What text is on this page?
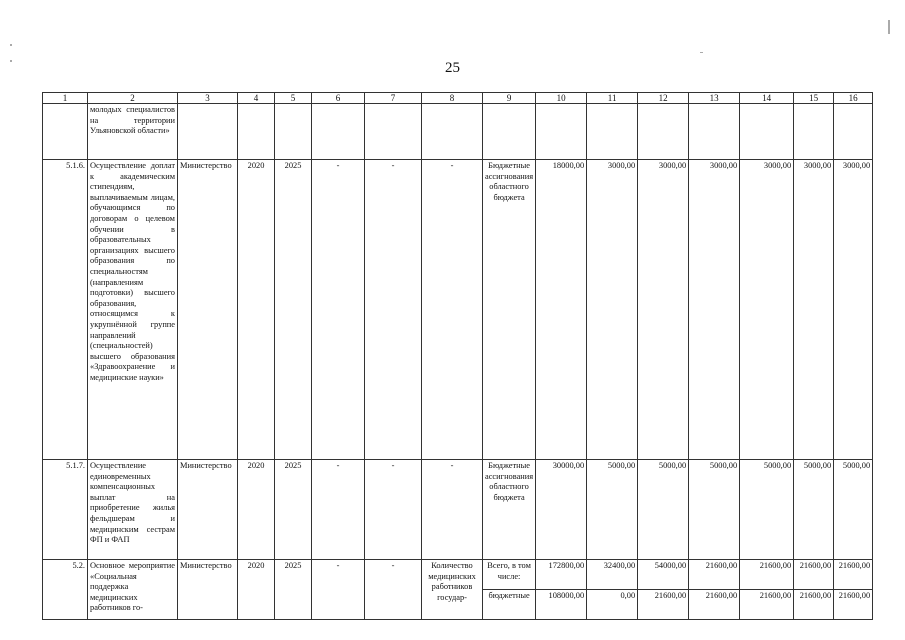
25
1	2	3	4	5	6	7	8	9	10	11	12	13	14	15	16
	молодых специалистов на территории Ульяновской области»														
5.1.6.	Осуществление доплат к академическим стипендиям, выплачиваемым лицам, обучающимся по договорам о целевом обучении в образовательных организациях высшего образования по специальностям (направлениям подготовки) высшего образования, относящимся к укрупнённой группе направлений (специальностей) высшего образования «Здравоохранение и медицинские науки»	Министерство	2020	2025	-	-	-	Бюджетные ассигнования областного бюджета	18000,00	3000,00	3000,00	3000,00	3000,00	3000,00	3000,00
5.1.7.	Осуществление единовременных компенсационных выплат на приобретение жилья фельдшерам и медицинским сестрам ФП и ФАП	Министерство	2020	2025	-	-	-	Бюджетные ассигнования областного бюджета	30000,00	5000,00	5000,00	5000,00	5000,00	5000,00	5000,00
5.2.	Основное мероприятие «Социальная поддержка медицинских работников го-	Министерство	2020	2025	-	-	Количество медицинских работников государ-	Всего, в том числе:	172800,00	32400,00	54000,00	21600,00	21600,00	21600,00	21600,00
								бюджетные	108000,00	0,00	21600,00	21600,00	21600,00	21600,00	21600,00
